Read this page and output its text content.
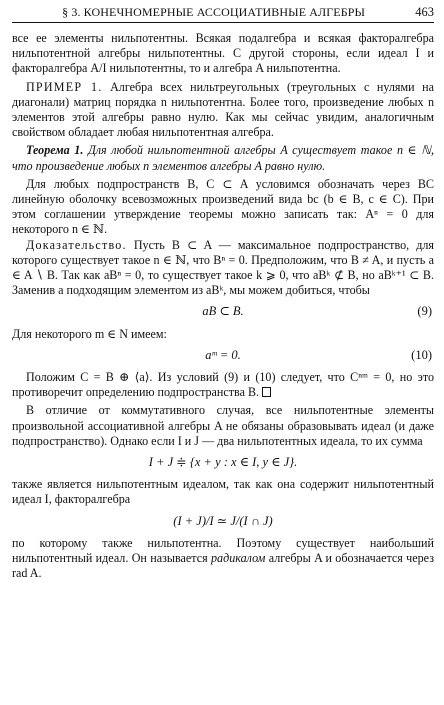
§ 3. КОНЕЧНОМЕРНЫЕ АССОЦИАТИВНЫЕ АЛГЕБРЫ	463

все ее элементы нильпотентны. Всякая подалгебра и всякая факторалгебра нильпотентной алгебры нильпотентны. С другой стороны, если идеал I и факторалгебра A/I нильпотентны, то и алгебра A нильпотентна.

ПРИМЕР 1. Алгебра всех нильтреугольных (треугольных с нулями на диагонали) матриц порядка n нильпотентна. Более того, произведение любых n элементов этой алгебры равно нулю. Как мы сейчас увидим, аналогичным свойством обладает любая нильпотентная алгебра.

Теорема 1. Для любой нильпотентной алгебры A существует такое n ∈ ℕ, что произведение любых n элементов алгебры A равно нулю.

Для любых подпространств B, C ⊂ A условимся обозначать через BC линейную оболочку всевозможных произведений вида bc (b ∈ B, c ∈ C). При этом соглашении утверждение теоремы можно записать так: Aⁿ = 0 для некоторого n ∈ ℕ.

Доказательство. Пусть B ⊂ A — максимальное подпространство, для которого существует такое n ∈ ℕ, что Bⁿ = 0. Предположим, что B ≠ A, и пусть a ∈ A ∖ B. Так как aBⁿ = 0, то существует такое k ⩾ 0, что aBᵏ ⊄ B, но aBᵏ⁺¹ ⊂ B. Заменив a подходящим элементом из aBᵏ, мы можем добиться, чтобы

aB ⊂ B.	(9)

Для некоторого m ∈ N имеем:

aᵐ = 0.	(10)

Положим C = B ⊕ ⟨a⟩. Из условий (9) и (10) следует, что Cⁿᵐ = 0, но это противоречит определению подпространства B.

В отличие от коммутативного случая, все нильпотентные элементы произвольной ассоциативной алгебры A не обязаны образовывать идеал (и даже подпространство). Однако если I и J — два нильпотентных идеала, то их сумма

I + J ≑ {x + y : x ∈ I, y ∈ J}.

также является нильпотентным идеалом, так как она содержит нильпотентный идеал I, факторалгебра

(I + J)/I ≃ J/(I ∩ J)

по которому также нильпотентна. Поэтому существует наибольший нильпотентный идеал. Он называется радикалом алгебры A и обозначается через rad A.
